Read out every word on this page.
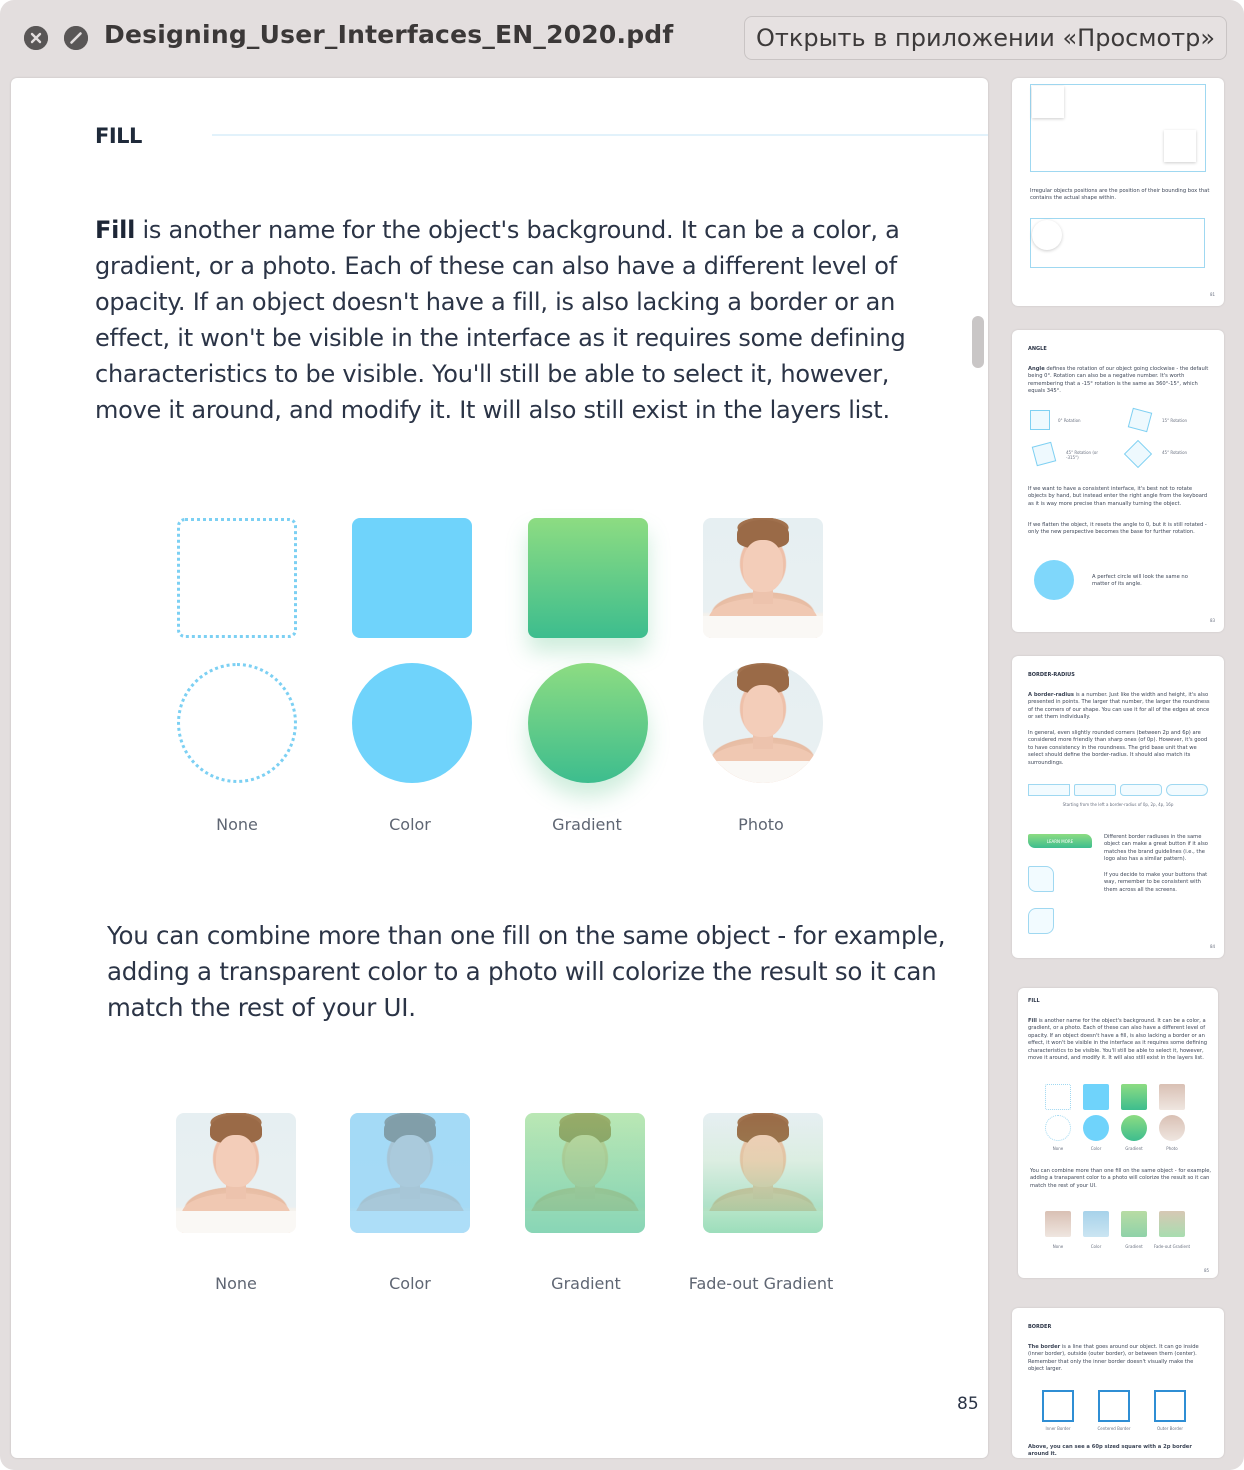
Designing_User_Interfaces_EN_2020.pdf	Открыть в приложении «Просмотр»
FILL
Fill is another name for the object's background. It can be a color, a gradient, or a photo. Each of these can also have a different level of opacity. If an object doesn't have a fill, is also lacking a border or an effect, it won't be visible in the interface as it requires some defining characteristics to be visible. You'll still be able to select it, however, move it around, and modify it. It will also still exist in the layers list.
None	Color	Gradient	Photo
You can combine more than one fill on the same object - for example, adding a transparent color to a photo will colorize the result so it can match the rest of your UI.
None	Color	Gradient	Fade-out Gradient
85
Irregular objects positions are the position of their bounding box that contains the actual shape within.
81
ANGLE
Angle defines the rotation of our object going clockwise - the default being 0°. Rotation can also be a negative number. It's worth remembering that a -15° rotation is the same as 360°-15°, which equals 345°.
0° Rotation	15° Rotation
45° Rotation (or -315°)
45° Rotation
If we want to have a consistent interface, it's best not to rotate objects by hand, but instead enter the right angle from the keyboard as it is way more precise than manually turning the object.
If we flatten the object, it resets the angle to 0, but it is still rotated - only the new perspective becomes the base for further rotation.
A perfect circle will look the same no matter of its angle.
83
BORDER-RADIUS
A border-radius is a number. Just like the width and height, it's also presented in points. The larger that number, the larger the roundness of the corners of our shape. You can use it for all of the edges at once or set them individually.
In general, even slightly rounded corners (between 2p and 6p) are considered more friendly than sharp ones (of 0p). However, it's good to have consistency in the roundness. The grid base unit that we select should define the border-radius. It should also match its surroundings.
Starting from the left a border-radius of 0p, 2p, 4p, 16p
LEARN MORE
Different border radiuses in the same object can make a great button if it also matches the brand guidelines (i.e., the logo also has a similar pattern).
If you decide to make your buttons that way, remember to be consistent with them across all the screens.
84
FILL
Fill is another name for the object's background. It can be a color, a gradient, or a photo. Each of these can also have a different level of opacity. If an object doesn't have a fill, is also lacking a border or an effect, it won't be visible in the interface as it requires some defining characteristics to be visible. You'll still be able to select it, however, move it around, and modify it. It will also still exist in the layers list.
None	Color	Gradient	Photo
You can combine more than one fill on the same object - for example, adding a transparent color to a photo will colorize the result so it can match the rest of your UI.
None	Color	Gradient	Fade-out Gradient
85
BORDER
The border is a line that goes around our object. It can go inside (inner border), outside (outer border), or between them (center). Remember that only the inner border doesn't visually make the object larger.
Inner Border	Centered Border	Outer Border
Above, you can see a 60p sized square with a 2p border around it.
